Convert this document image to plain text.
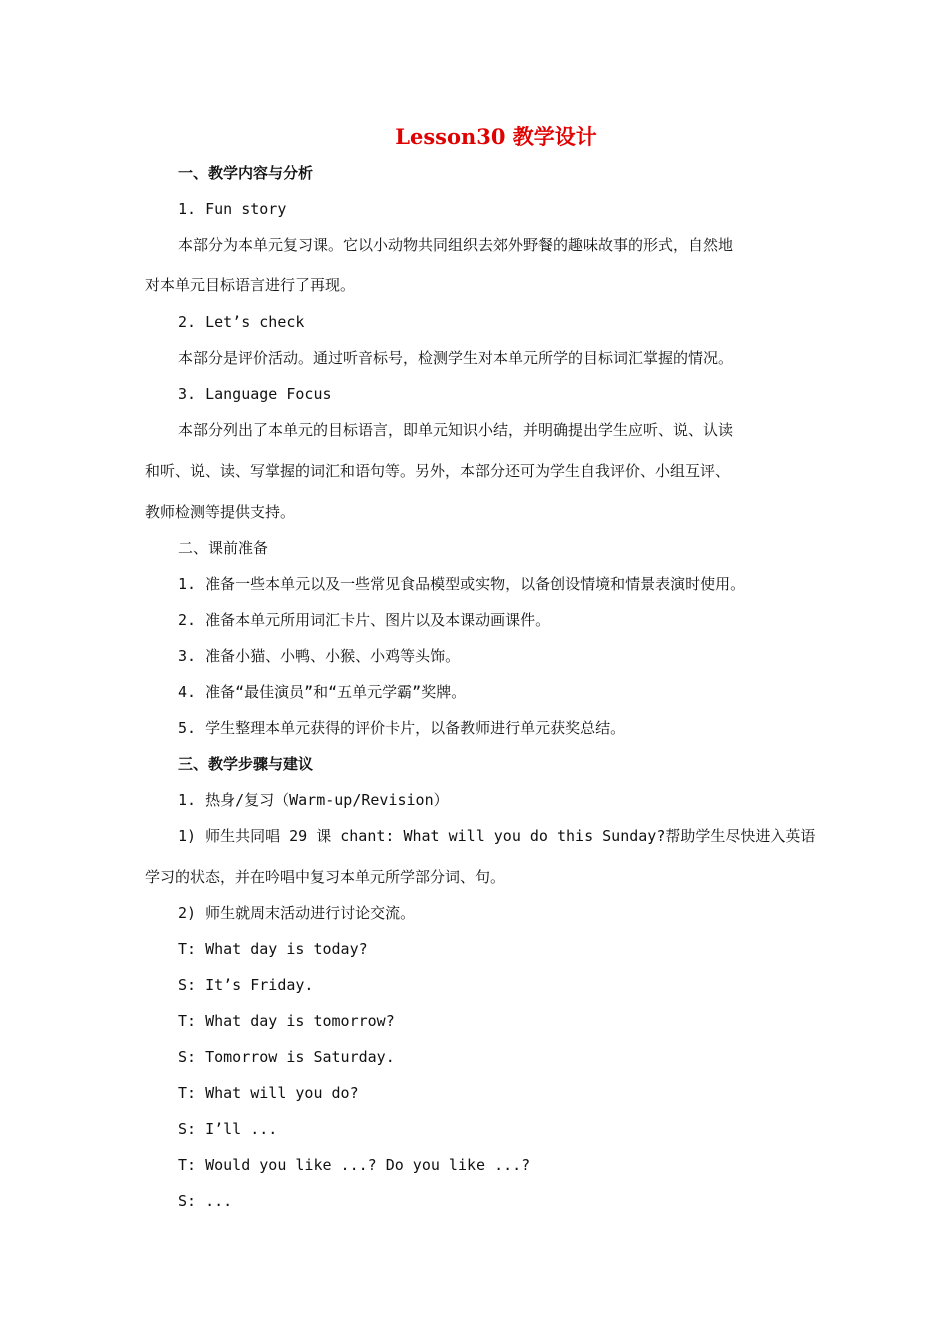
Lesson30 教学设计
一、教学内容与分析
1. Fun story
本部分为本单元复习课。它以小动物共同组织去郊外野餐的趣味故事的形式，自然地
对本单元目标语言进行了再现。
2. Let’s check
本部分是评价活动。通过听音标号，检测学生对本单元所学的目标词汇掌握的情况。
3. Language Focus
本部分列出了本单元的目标语言，即单元知识小结，并明确提出学生应听、说、认读
和听、说、读、写掌握的词汇和语句等。另外，本部分还可为学生自我评价、小组互评、
教师检测等提供支持。
二、课前准备
1. 准备一些本单元以及一些常见食品模型或实物，以备创设情境和情景表演时使用。
2. 准备本单元所用词汇卡片、图片以及本课动画课件。
3. 准备小猫、小鸭、小猴、小鸡等头饰。
4. 准备“最佳演员”和“五单元学霸”奖牌。
5. 学生整理本单元获得的评价卡片，以备教师进行单元获奖总结。
三、教学步骤与建议
1. 热身/复习（Warm-up/Revision）
1) 师生共同唱 29 课 chant: What will you do this Sunday?帮助学生尽快进入英语
学习的状态，并在吟唱中复习本单元所学部分词、句。
2) 师生就周末活动进行讨论交流。
T: What day is today?
S: It’s Friday.
T: What day is tomorrow?
S: Tomorrow is Saturday.
T: What will you do?
S: I’ll ...
T: Would you like ...? Do you like ...?
S: ...
